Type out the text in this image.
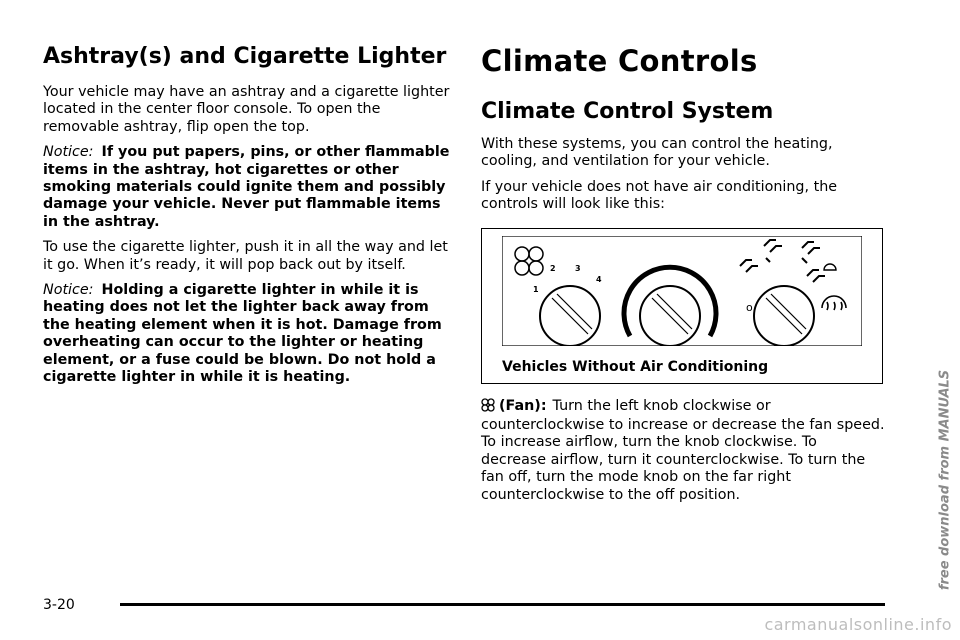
Ashtray(s) and Cigarette Lighter

Your vehicle may have an ashtray and a cigarette lighter located in the center floor console. To open the removable ashtray, flip open the top.

Notice: If you put papers, pins, or other flammable items in the ashtray, hot cigarettes or other smoking materials could ignite them and possibly damage your vehicle. Never put flammable items in the ashtray.

To use the cigarette lighter, push it in all the way and let it go. When it’s ready, it will pop back out by itself.

Notice: Holding a cigarette lighter in while it is heating does not let the lighter back away from the heating element when it is hot. Damage from overheating can occur to the lighter or heating element, or a fuse could be blown. Do not hold a cigarette lighter in while it is heating.

Climate Controls
Climate Control System

With these systems, you can control the heating, cooling, and ventilation for your vehicle.

If your vehicle does not have air conditioning, the controls will look like this:

1
2 3
4
o
Vehicles Without Air Conditioning

(Fan): Turn the left knob clockwise or counterclockwise to increase or decrease the fan speed. To increase airflow, turn the knob clockwise. To decrease airflow, turn it counterclockwise. To turn the fan off, turn the mode knob on the far right counterclockwise to the off position.

3-20
free download from MANUALS
carmanualsonline.info
